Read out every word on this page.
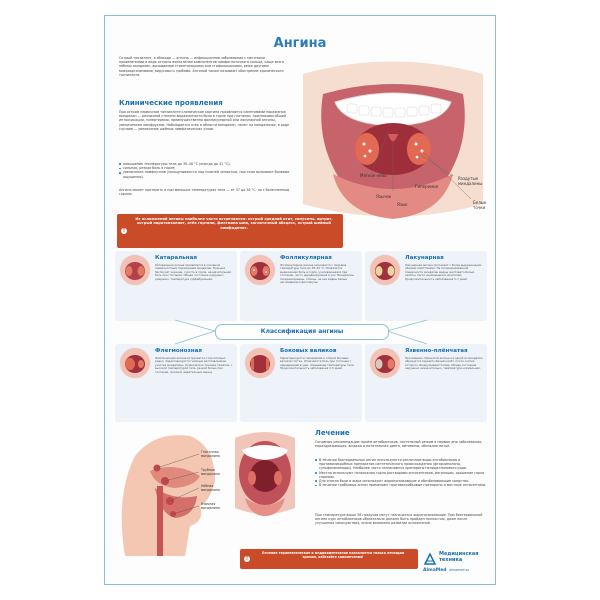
Ангина
Острый тонзиллит, в обиходе — ангина — инфекционное заболевание с местными проявлениями в виде острого воспаления компонентов лимфоглоточного кольца, чаще всего нёбных миндалин, вызываемое стрептококками или стафилококками, реже другими микроорганизмами, вирусами и грибами. Ангиной также называют обострение хронического тонзиллита.
Клинические проявления
При остром первичном тонзиллите клиническое картина проявляется симптомами поражения миндалин — различной степени выраженности боли в горле при глотании, признаками общей интоксикации, гипертермии, преимущественно фолликулярной или лакунарной ангины, увеличением лимфоузлов. Наблюдается отёк в области миндалин, налет на миндалинах, в ряде случаев — увеличение шейных лимфатических узлов.
повышение температуры тела до 39–40 °С (иногда до 41 °С);
сильная, резкая боль в горле;
увеличение лимфоузлов (прощупываются под нижней челюстью, при этом вызывают болевые ощущения).
Ангина может протекать и при меньших температурах тела — от 37 до 38 °С, но с болезненным горлом.
Мягкое нёбо
Язычок
Гиперемия
Язык
Раздутые миндалины
Белые точки
!
Из осложнений ангины наиболее часто встречаются: острый средний отит, синуситы, артрит, острый паратонзиллит, отёк гортани, флегмона шеи, заглоточный абсцесс, острый шейный лимфаденит.
Катаральная
Катаральная ангина проявляется в основном поверхностным поражением миндалин. Больных беспокоят жжение, сухость в горле, незначительная боль при глотании. Общее состояние нарушено умеренно, температура субфебрильная.
Фолликулярная
Фолликулярная ангина начинается с подъёма температуры тела до 38–39 °С. Появляется выраженная боль в горле, усиливающаяся при глотании, часто иррадиирующая в ухо. Миндалины гиперемированы, отёчны, на них видны белые нагноившиеся фолликулы.
Лакунарная
Лакунарная ангина протекает с более выраженными общими симптомами. На гиперемированной поверхности миндалин видны желтовато-белые налёты, легко снимающиеся шпателем. Продолжительность заболевания 5–7 дней.
Классификация ангины
Флегмонозная
Флегмонозная ангина встречается относительно редко. Характеризуется гнойным расплавлением участка миндалины. Клиническое течение тяжёлое, с высокой температурой тела, резкой болью при глотании, тризмом жевательных мышц.
Боковых валиков
Характеризуется гиперемией и отёком боковых валиков глотки. Отмечаются боль при глотании с иррадиацией в уши, повышение температуры тела. Продолжительность заболевания 3–5 дней.
Язвенно-плёнчатая
При язвенно-плёнчатой ангине на одной из миндалин образуется серовато-белый налёт, после снятия которого обнаруживается язва. Общее состояние нарушено незначительно, температура нормальная.
Глоточная миндалина
Трубная миндалина
Нёбная миндалина
Язычная миндалина
!
Лечение терапевтическое и медикаментозное назначается только лечащим врачом, избегайте самолечения!
Лечение
Основные рекомендации: приём антибиотиков, постельный режим в первые дни заболевания, нераздражающая, жидкая и питательная диета, витамины, обильное питьё.
В лечении бактериальных ангин используются различные виды антибиотиков и противомикробных препаратов синтетического происхождения (фторхинолоны, сульфаниламиды). Наиболее часто назначаются препараты пенициллинового ряда.
Местно используют полоскания горла растворами антисептиков, ингаляции, орошение горла спреями.
Для снятия боли и жара используют жаропонижающие и обезболивающие средства.
В лечении грибковых ангин применяют противогрибковые препараты и местные антисептики.
При температуре выше 38 градусов могут назначаться жаропонижающие. При бактериальной ангине курс антибиотиков обязательно должен быть пройден полностью, даже после улучшения самочувствия, иначе возможно развитие осложнений.
Медицинская
техника
AlmaMed almamed.su
